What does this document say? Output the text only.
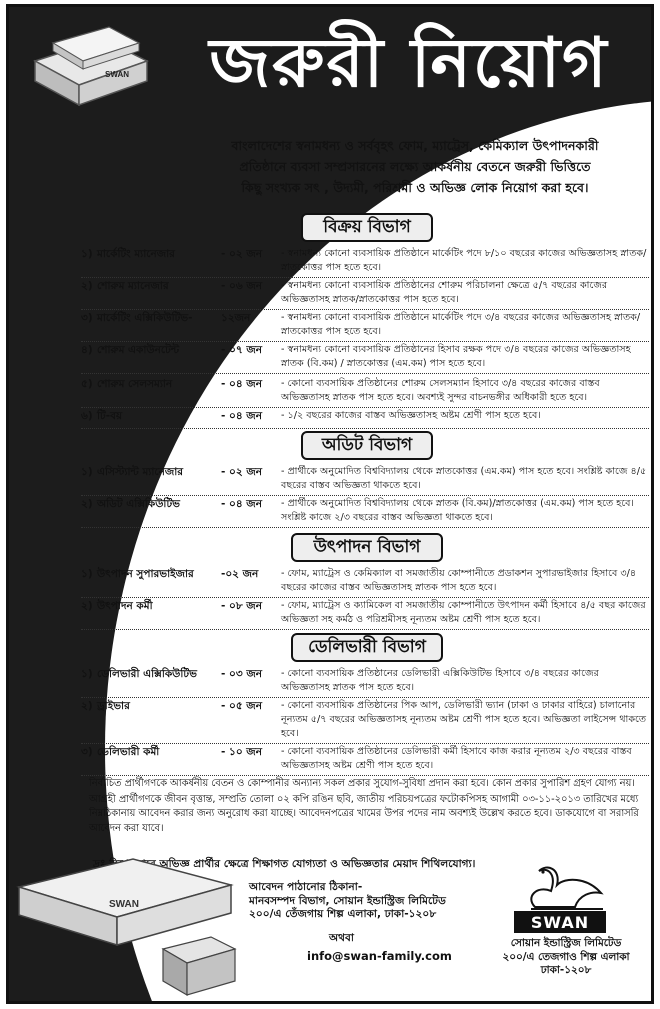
SWAN	জরুরী নিয়োগ
বাংলাদেশের স্বনামধন্য ও সর্ববৃহৎ ফোম, ম্যাট্রেস, কেমিক্যাল উৎপাদনকারী
প্রতিষ্ঠানে ব্যবসা সম্প্রসারনের লক্ষ্যে আকর্ষনীয় বেতনে জরুরী ভিত্তিতে
কিছু সংখ্যক সৎ , উদ্যমী, পরিশ্রমী ও অভিজ্ঞ লোক নিয়োগ করা হবে।
বিক্রয় বিভাগ
১) মার্কেটিং ম্যানেজার	- ০২ জন	- স্বনামধন্য কোনো ব্যবসায়িক প্রতিষ্ঠানে মার্কেটিং পদে ৮/১০ বছরের কাজের অভিজ্ঞতাসহ স্নাতক/স্নাতকোত্তর পাস হতে হবে।
২) শোরুম ম্যানেজার	- ০৬ জন	- স্বনামধন্য কোনো ব্যবসায়িক প্রতিষ্ঠানের শোরুম পরিচালনা ক্ষেত্রে ৫/৭ বছরের কাজের অভিজ্ঞতাসহ স্নাতক/স্নাতকোত্তর পাস হতে হবে।
৩) মার্কেটিং এক্সিকিউটিভ-	১২জন	- স্বনামধন্য কোনো ব্যবসায়িক প্রতিষ্ঠানে মার্কেটিং পদে ৩/৪ বছরের কাজের অভিজ্ঞতাসহ স্নাতক/স্নাতকোত্তর পাস হতে হবে।
৪) শোরুম একাউনটেন্ট	- ০৭ জন	- স্বনামধন্য কোনো ব্যবসায়িক প্রতিষ্ঠানের হিসাব রক্ষক পদে ৩/৪ বছরের কাজের অভিজ্ঞতাসহ স্নাতক (বি.কম) / স্নাতকোত্তর (এম.কম) পাস হতে হবে।
৫) শোরুম সেলসম্যান	- ০৪ জন	- কোনো ব্যবসায়িক প্রতিষ্ঠানের শোরুম সেলসম্যান হিসাবে ৩/৪ বছরের কাজের বাস্তব অভিজ্ঞতাসহ স্নাতক পাস হতে হবে। অবশ্যই সুন্দর বাচনভঙ্গীর অধিকারী হতে হবে।
৬) টি-বয়	- ০৪ জন	- ১/২ বছরের কাজের বাস্তব অভিজ্ঞতাসহ অষ্টম শ্রেণী পাস হতে হবে।
অডিট বিভাগ
১) এসিস্ট্যান্ট ম্যানেজার	- ০২ জন	- প্রার্থীকে অনুমোদিত বিশ্ববিদ্যালয় থেকে স্নাতকোত্তর (এম.কম) পাস হতে হবে। সংশ্লিষ্ট কাজে ৪/৫ বছরের বাস্তব অভিজ্ঞতা থাকতে হবে।
২) অডিট এক্সিকিউটিভ	- ০৪ জন	- প্রার্থীকে অনুমোদিত বিশ্ববিদ্যালয় থেকে স্নাতক (বি.কম)/স্নাতকোত্তর (এম.কম) পাস হতে হবে। সংশ্লিষ্ট কাজে ২/৩ বছরের বাস্তব অভিজ্ঞতা থাকতে হবে।
উৎপাদন বিভাগ
১) উৎপাদন সুপারভাইজার	-০২ জন	- ফোম, ম্যাট্রেস ও কেমিক্যাল বা সমজাতীয় কোম্পানীতে প্রডাকশন সুপারভাইজার হিসাবে ৩/৪ বছরের কাজের বাস্তব অভিজ্ঞতাসহ স্নাতক পাস হতে হবে।
২) উৎপাদন কর্মী	- ০৮ জন	- ফোম, ম্যাট্রেস ও ক্যামিকেল বা সমজাতীয় কোম্পানীতে উৎপাদন কর্মী হিসাবে ৪/৫ বছর কাজের অভিজ্ঞতা সহ কর্মঠ ও পরিশ্রমীসহ নূন্যতম অষ্টম শ্রেণী পাস হতে হবে।
ডেলিভারী বিভাগ
১) ডেলিভারী এক্সিকিউটিভ	- ০৩ জন	- কোনো ব্যবসায়িক প্রতিষ্ঠানের ডেলিভারী এক্সিকিউটিভ হিসাবে ৩/৪ বছরের কাজের অভিজ্ঞতাসহ স্নাতক পাস হতে হবে।
২) ড্রাইভার	- ০৫ জন	- কোনো ব্যবসায়িক প্রতিষ্ঠানের পিক আপ, ডেলিভারী ভ্যান (ঢাকা ও ঢাকার বাহিরে) চালানোর নূন্যতম ৫/৭ বছরের অভিজ্ঞতাসহ নূন্যতম অষ্টম শ্রেণী পাস হতে হবে। অভিজ্ঞতা লাইসেন্স থাকতে হবে।
৩) ডেলিভারী কর্মী	- ১০ জন	- কোনো ব্যবসায়িক প্রতিষ্ঠানের ডেলিভারী কর্মী হিসাবে কাজ করার নূন্যতম ২/৩ বছরের বাস্তব অভিজ্ঞতাসহ অষ্টম শ্রেণী পাস হতে হবে।

নির্বাচিত প্রার্থীগণকে আকর্ষনীয় বেতন ও কোম্পানীর অন্যান্য সকল প্রকার সুযোগ-সুবিধা প্রদান করা হবে। কোন প্রকার সুপারিশ গ্রহণ যোগ্য নয়।

আগ্রহী প্রার্থীগণকে জীবন বৃত্তান্ত, সম্প্রতি তোলা ০২ কপি রঙিন ছবি, জাতীয় পরিচয়পত্রের ফটোকপিসহ আগামী ০৩-১১-২০১৩ তারিখের মধ্যে নিম্নঠিকানায় আবেদন করার জন্য অনুরোধ করা যাচ্ছে। আবেদনপত্রের খামের উপর পদের নাম অবশ্যই উল্লেখ করতে হবে। ডাকযোগে বা সরাসরি আবেদন করা যাবে।

দ্রঃ বিশেষভাবে অভিজ্ঞ প্রার্থীর ক্ষেত্রে শিক্ষাগত যোগ্যতা ও অভিজ্ঞতার মেয়াদ শিথিলযোগ্য।
আবেদন পাঠানোর ঠিকানা-
মানবসম্পদ বিভাগ, সোয়ান ইন্ডাস্ট্রিজ লিমিটেড
২০০/এ তেঁজগায় শিল্প এলাকা, ঢাকা-১২০৮
অথবা
info@swan-family.com
SWAN
SWAN
সোয়ান ইন্ডাস্ট্রিজ লিমিটেড
২০০/এ তেজগাও শিল্প এলাকা
ঢাকা-১২০৮
